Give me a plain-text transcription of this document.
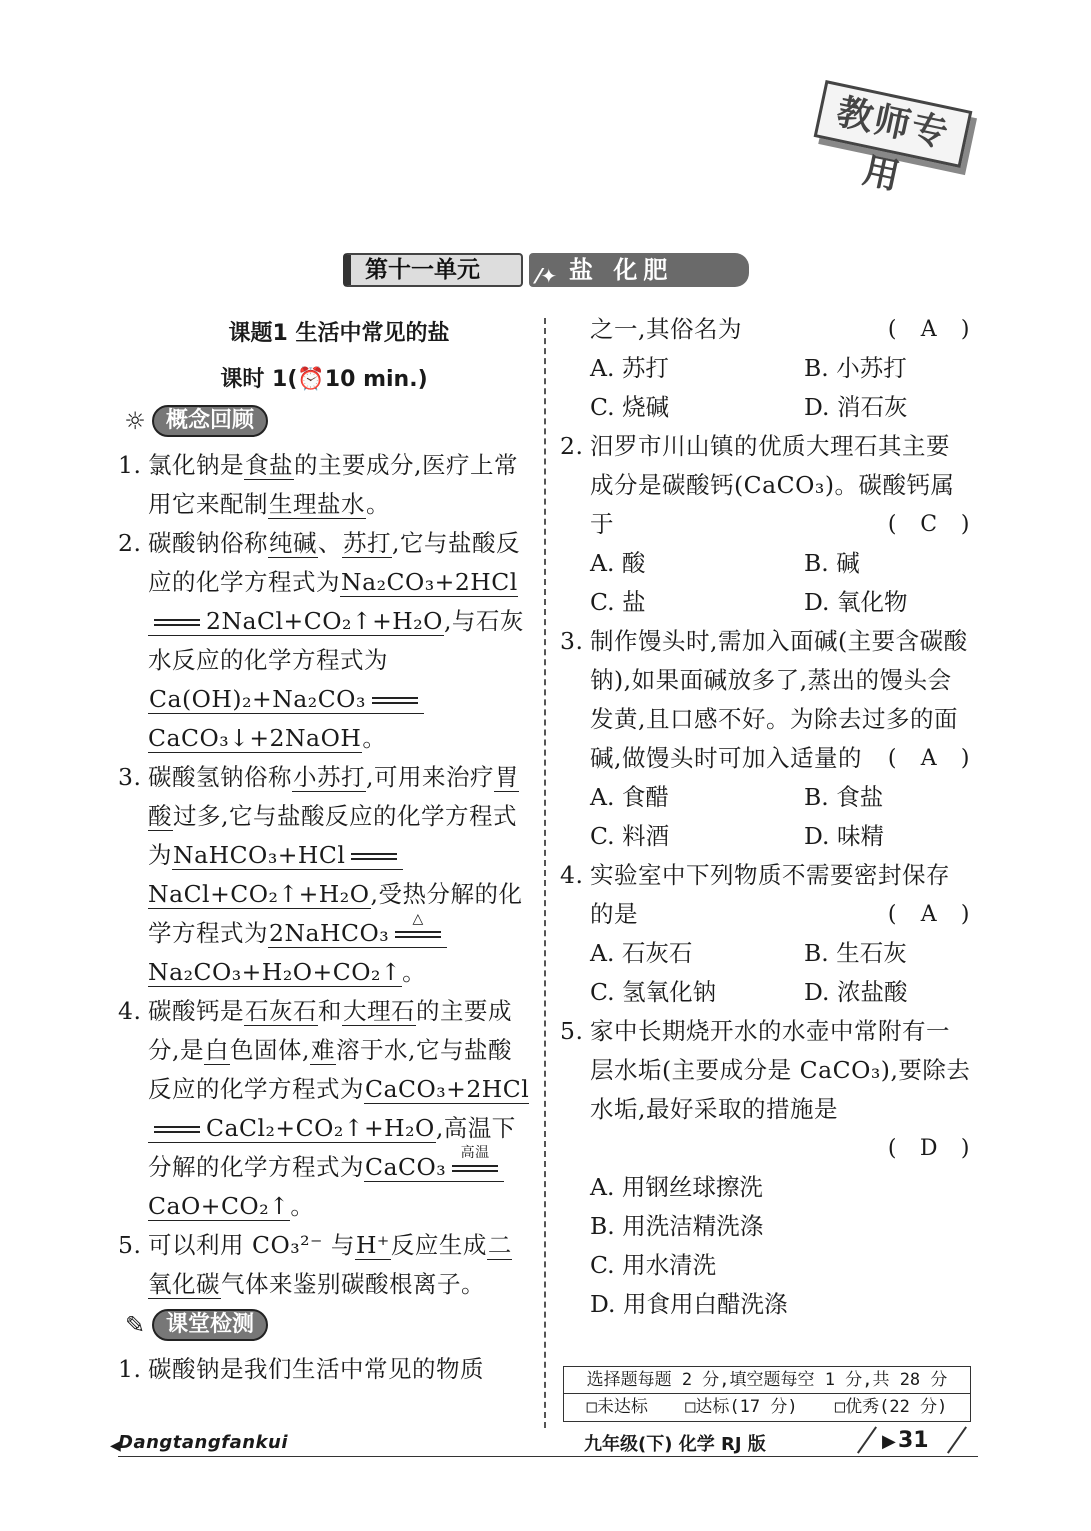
教师专用
第十一单元	⁄✦ 盐 化肥
课题1 生活中常见的盐
课时 1(⏰10 min.)
☼ 概念回顾
1. 氯化钠是食盐的主要成分,医疗上常用它来配制生理盐水。
2. 碳酸钠俗称纯碱、苏打,它与盐酸反应的化学方程式为Na₂CO₃+2HCl2NaCl+CO₂↑+H₂O,与石灰水反应的化学方程式为Ca(OH)₂+Na₂CO₃CaCO₃↓+2NaOH。
3. 碳酸氢钠俗称小苏打,可用来治疗胃酸过多,它与盐酸反应的化学方程式为NaHCO₃+HClNaCl+CO₂↑+H₂O,受热分解的化学方程式为2NaHCO₃	△
Na₂CO₃+H₂O+CO₂↑。
4. 碳酸钙是石灰石和大理石的主要成分,是白色固体,难溶于水,它与盐酸反应的化学方程式为CaCO₃+2HClCaCl₂+CO₂↑+H₂O,高温下分解的化学方程式为CaCO₃	高温
CaO+CO₂↑。
5. 可以利用 CO₃²⁻ 与H⁺反应生成二氧化碳气体来鉴别碳酸根离子。
✎ 课堂检测
1. 碳酸钠是我们生活中常见的物质
之一,其俗名为	( A )
A. 苏打	B. 小苏打
C. 烧碱	D. 消石灰
2. 汨罗市川山镇的优质大理石其主要成分是碳酸钙(CaCO₃)。碳酸钙属于	( C )
A. 酸	B. 碱
C. 盐	D. 氧化物
3. 制作馒头时,需加入面碱(主要含碳酸钠),如果面碱放多了,蒸出的馒头会发黄,且口感不好。为除去过多的面碱,做馒头时可加入适量的 ( A )
A. 食醋	B. 食盐
C. 料酒	D. 味精
4. 实验室中下列物质不需要密封保存的是	( A )
A. 石灰石	B. 生石灰
C. 氢氧化钠	D. 浓盐酸
5. 家中长期烧开水的水壶中常附有一层水垢(主要成分是 CaCO₃),要除去水垢,最好采取的措施是
( D )
A. 用钢丝球擦洗
B. 用洗洁精洗涤
C. 用水清洗
D. 用食用白醋洗涤
选择题每题 2 分,填空题每空 1 分,共 28 分
□未达标 □达标(17 分) □优秀(22 分)
◀
Dangtangfankui	九年级(下) 化学 RJ 版	▶ 31
